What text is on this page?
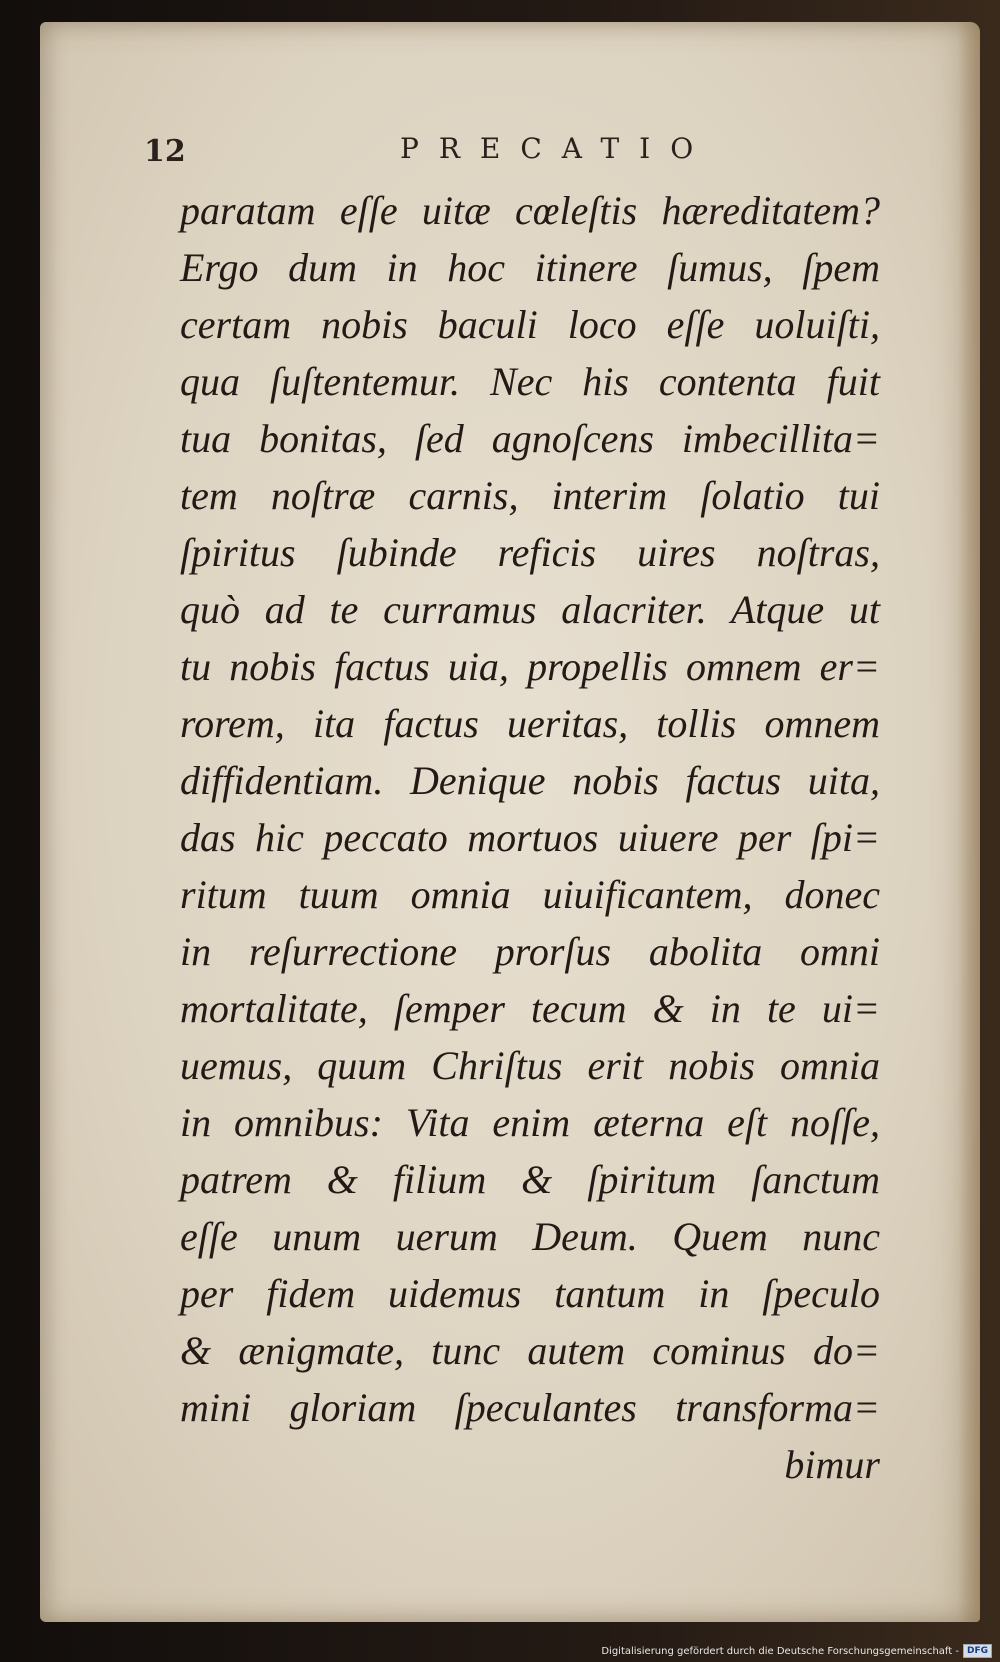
12	PRECATIO
paratam eſſe uitæ cœleſtis hæreditatem?
Ergo dum in hoc itinere ſumus, ſpem
certam nobis baculi loco eſſe uoluiſti,
qua ſuſtentemur. Nec his contenta fuit
tua bonitas, ſed agnoſcens imbecillita=
tem noſtræ carnis, interim ſolatio tui
ſpiritus ſubinde reficis uires noſtras,
quò ad te curramus alacriter. Atque ut
tu nobis factus uia, propellis omnem er=
rorem, ita factus ueritas, tollis omnem
diffidentiam. Denique nobis factus uita,
das hic peccato mortuos uiuere per ſpi=
ritum tuum omnia uiuificantem, donec
in reſurrectione prorſus abolita omni
mortalitate, ſemper tecum & in te ui=
uemus, quum Chriſtus erit nobis omnia
in omnibus: Vita enim æterna eſt noſſe,
patrem & filium & ſpiritum ſanctum
eſſe unum uerum Deum. Quem nunc
per fidem uidemus tantum in ſpeculo
& ænigmate, tunc autem cominus do=
mini gloriam ſpeculantes transforma=
bimur
Digitalisierung gefördert durch die Deutsche Forschungsgemeinschaft - DFG
